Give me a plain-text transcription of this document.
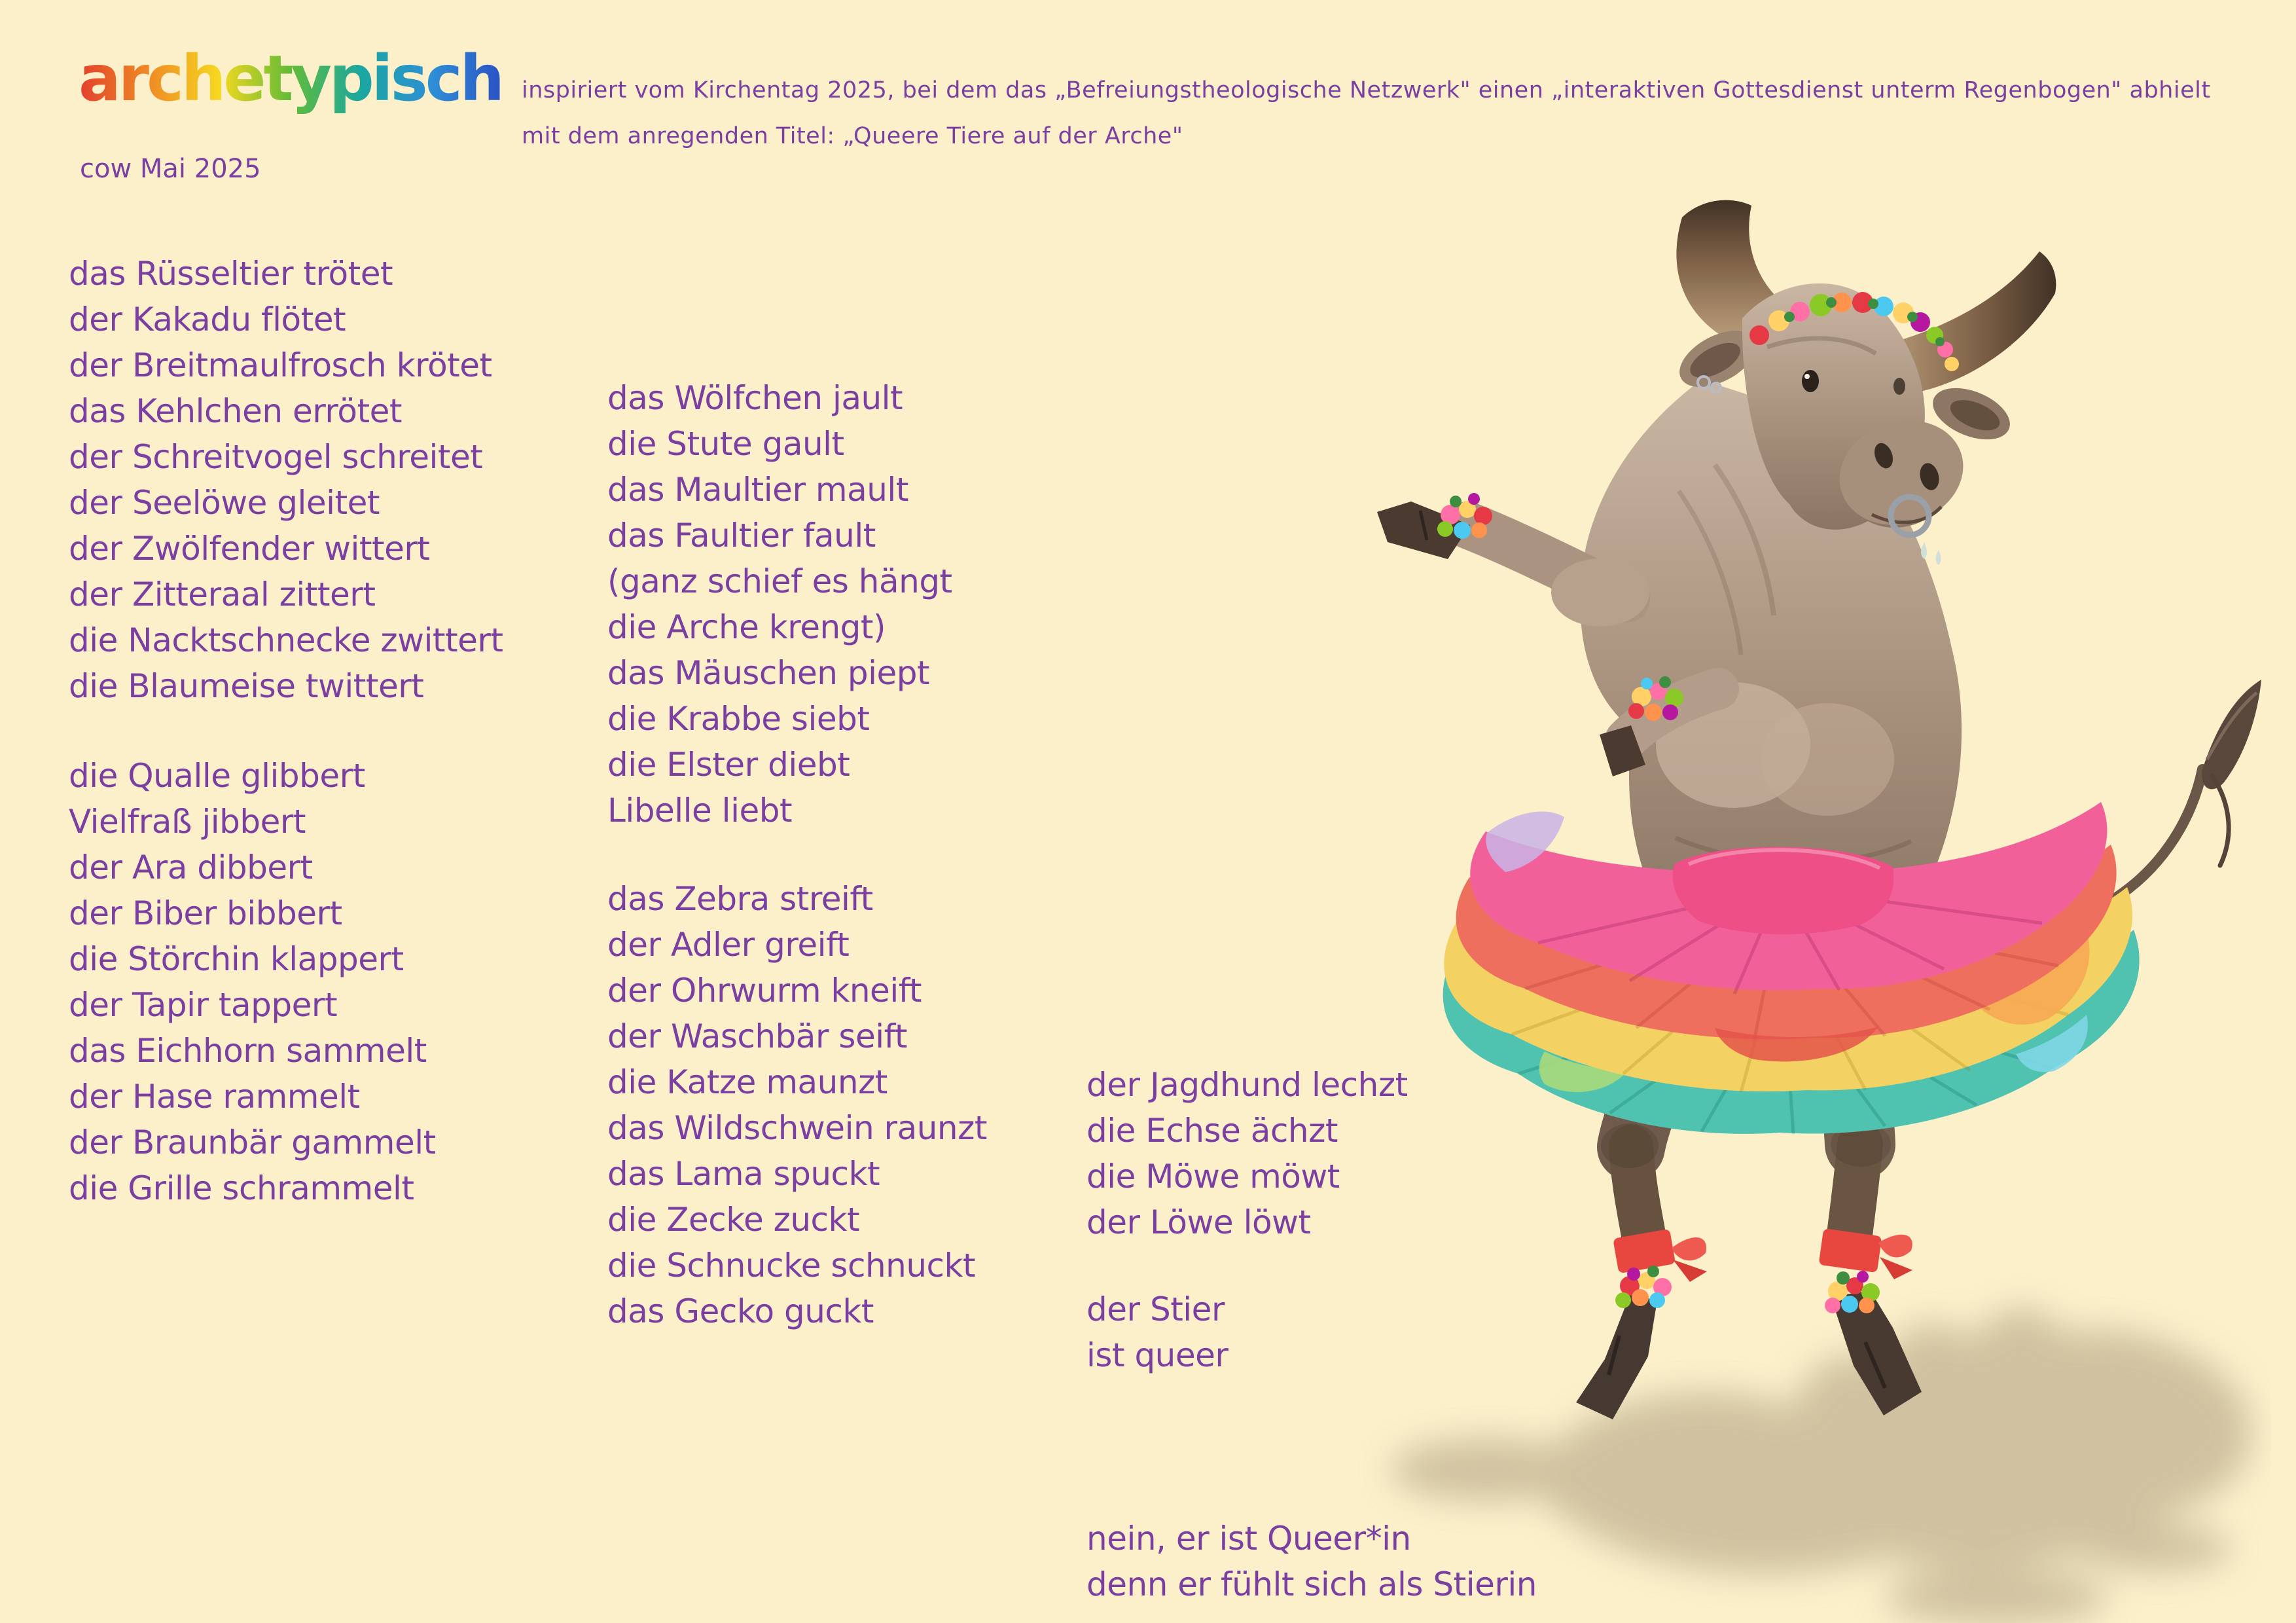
archetypisch
cow Mai 2025
inspiriert vom Kirchentag 2025, bei dem das „Befreiungstheologische Netzwerk" einen „interaktiven Gottesdienst unterm Regenbogen" abhielt
mit dem anregenden Titel: „Queere Tiere auf der Arche"
das Rüsseltier trötet
der Kakadu flötet
der Breitmaulfrosch krötet
das Kehlchen errötet
der Schreitvogel schreitet
der Seelöwe gleitet
der Zwölfender wittert
der Zitteraal zittert
die Nacktschnecke zwittert
die Blaumeise twittert
die Qualle glibbert
Vielfraß jibbert
der Ara dibbert
der Biber bibbert
die Störchin klappert
der Tapir tappert
das Eichhorn sammelt
der Hase rammelt
der Braunbär gammelt
die Grille schrammelt
das Wölfchen jault
die Stute gault
das Maultier mault
das Faultier fault
(ganz schief es hängt
die Arche krengt)
das Mäuschen piept
die Krabbe siebt
die Elster diebt
Libelle liebt
das Zebra streift
der Adler greift
der Ohrwurm kneift
der Waschbär seift
die Katze maunzt
das Wildschwein raunzt
das Lama spuckt
die Zecke zuckt
die Schnucke schnuckt
das Gecko guckt
der Jagdhund lechzt
die Echse ächzt
die Möwe möwt
der Löwe löwt
der Stier
ist queer
nein, er ist Queer*in
denn er fühlt sich als Stierin
